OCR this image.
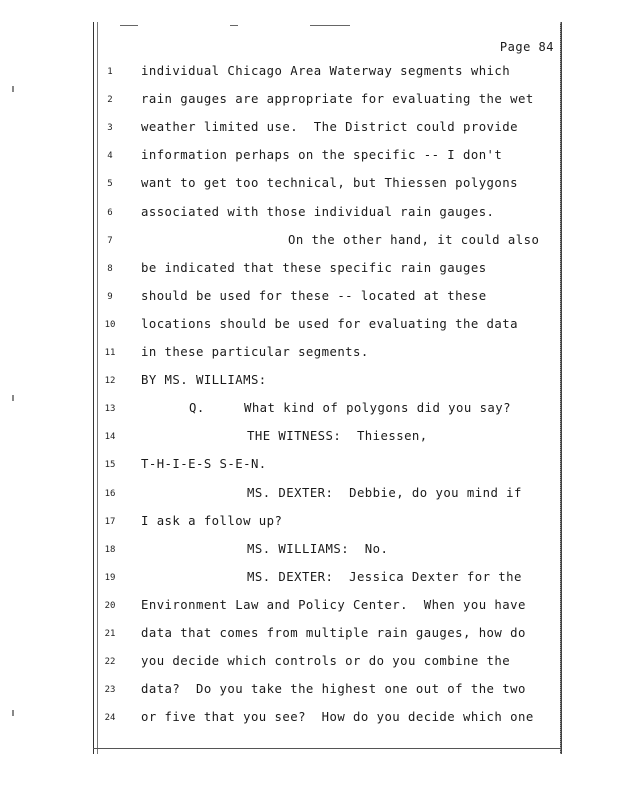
Page 84
1	individual Chicago Area Waterway segments which
2	rain gauges are appropriate for evaluating the wet
3	weather limited use.  The District could provide
4	information perhaps on the specific -- I don't
5	want to get too technical, but Thiessen polygons
6	associated with those individual rain gauges.
7	On the other hand, it could also
8	be indicated that these specific rain gauges
9	should be used for these -- located at these
10	locations should be used for evaluating the data
11	in these particular segments.
12	BY MS. WILLIAMS:
13	Q.     What kind of polygons did you say?
14	THE WITNESS:  Thiessen,
15	T-H-I-E-S S-E-N.
16	MS. DEXTER:  Debbie, do you mind if
17	I ask a follow up?
18	MS. WILLIAMS:  No.
19	MS. DEXTER:  Jessica Dexter for the
20	Environment Law and Policy Center.  When you have
21	data that comes from multiple rain gauges, how do
22	you decide which controls or do you combine the
23	data?  Do you take the highest one out of the two
24	or five that you see?  How do you decide which one
